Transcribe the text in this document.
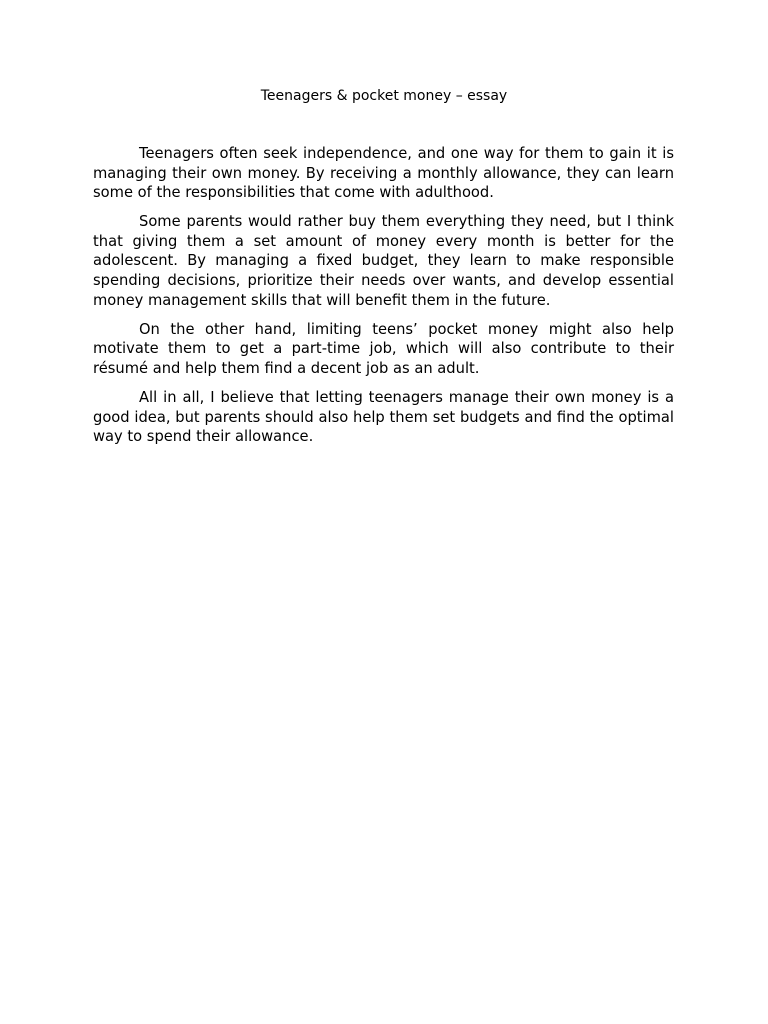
Teenagers & pocket money – essay

Teenagers often seek independence, and one way for them to gain it is managing their own money. By receiving a monthly allowance, they can learn some of the responsibilities that come with adulthood.

Some parents would rather buy them everything they need, but I think that giving them a set amount of money every month is better for the adolescent. By managing a fixed budget, they learn to make responsible spending decisions, prioritize their needs over wants, and develop essential money management skills that will benefit them in the future.

On the other hand, limiting teens’ pocket money might also help motivate them to get a part-time job, which will also contribute to their résumé and help them find a decent job as an adult.

All in all, I believe that letting teenagers manage their own money is a good idea, but parents should also help them set budgets and find the optimal way to spend their allowance.
